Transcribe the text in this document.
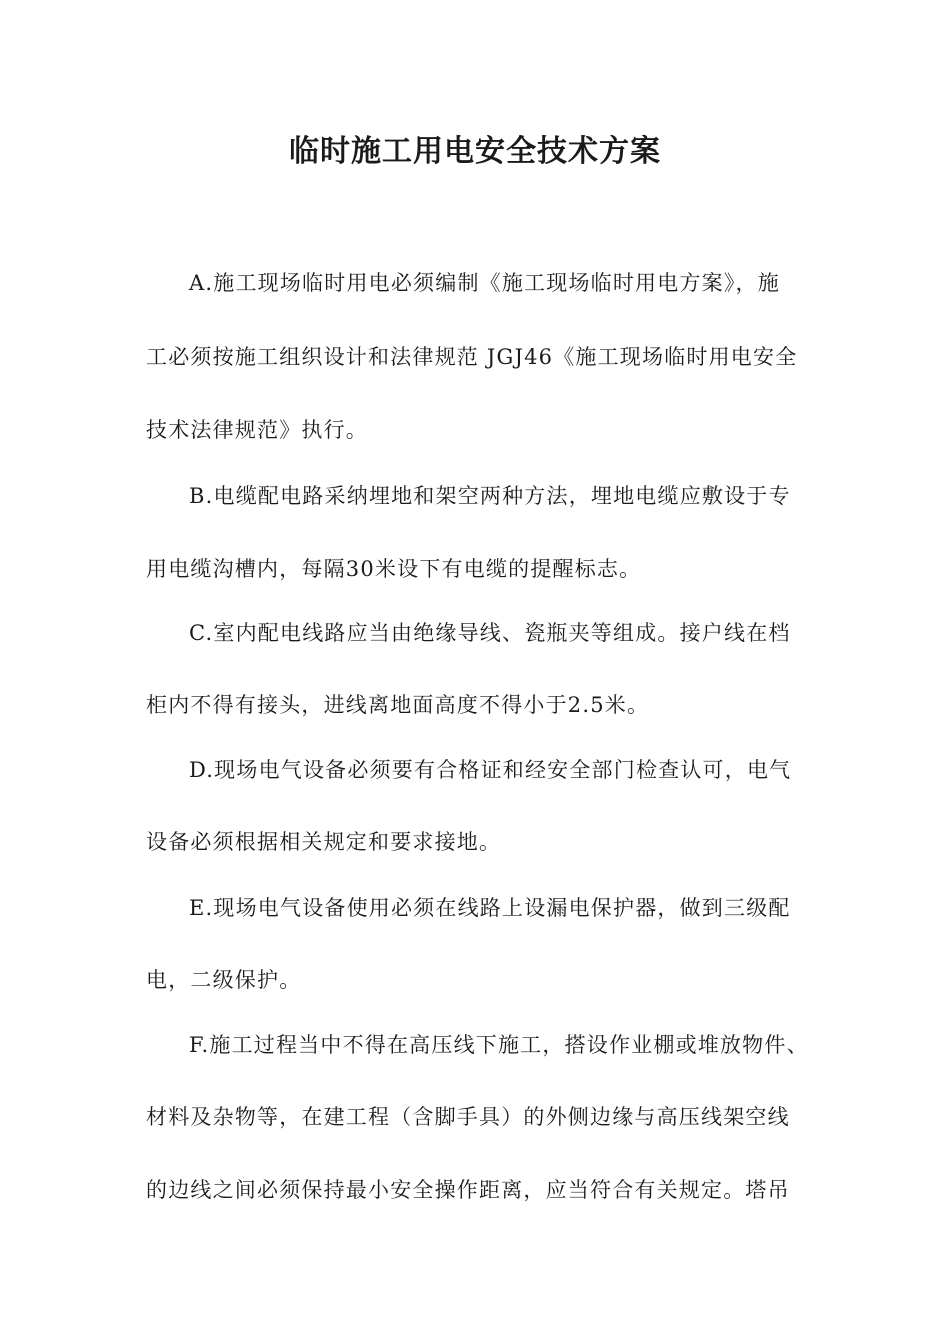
临时施工用电安全技术方案
A.施工现场临时用电必须编制《施工现场临时用电方案》，施
工必须按施工组织设计和法律规范 JGJ46《施工现场临时用电安全
技术法律规范》执行。
B.电缆配电路采纳埋地和架空两种方法，埋地电缆应敷设于专
用电缆沟槽内，每隔30米设下有电缆的提醒标志。
C.室内配电线路应当由绝缘导线、瓷瓶夹等组成。接户线在档
柜内不得有接头，进线离地面高度不得小于2.5米。
D.现场电气设备必须要有合格证和经安全部门检查认可，电气
设备必须根据相关规定和要求接地。
E.现场电气设备使用必须在线路上设漏电保护器，做到三级配
电，二级保护。
F.施工过程当中不得在高压线下施工，搭设作业棚或堆放物件、
材料及杂物等，在建工程（含脚手具）的外侧边缘与高压线架空线
的边线之间必须保持最小安全操作距离，应当符合有关规定。塔吊
